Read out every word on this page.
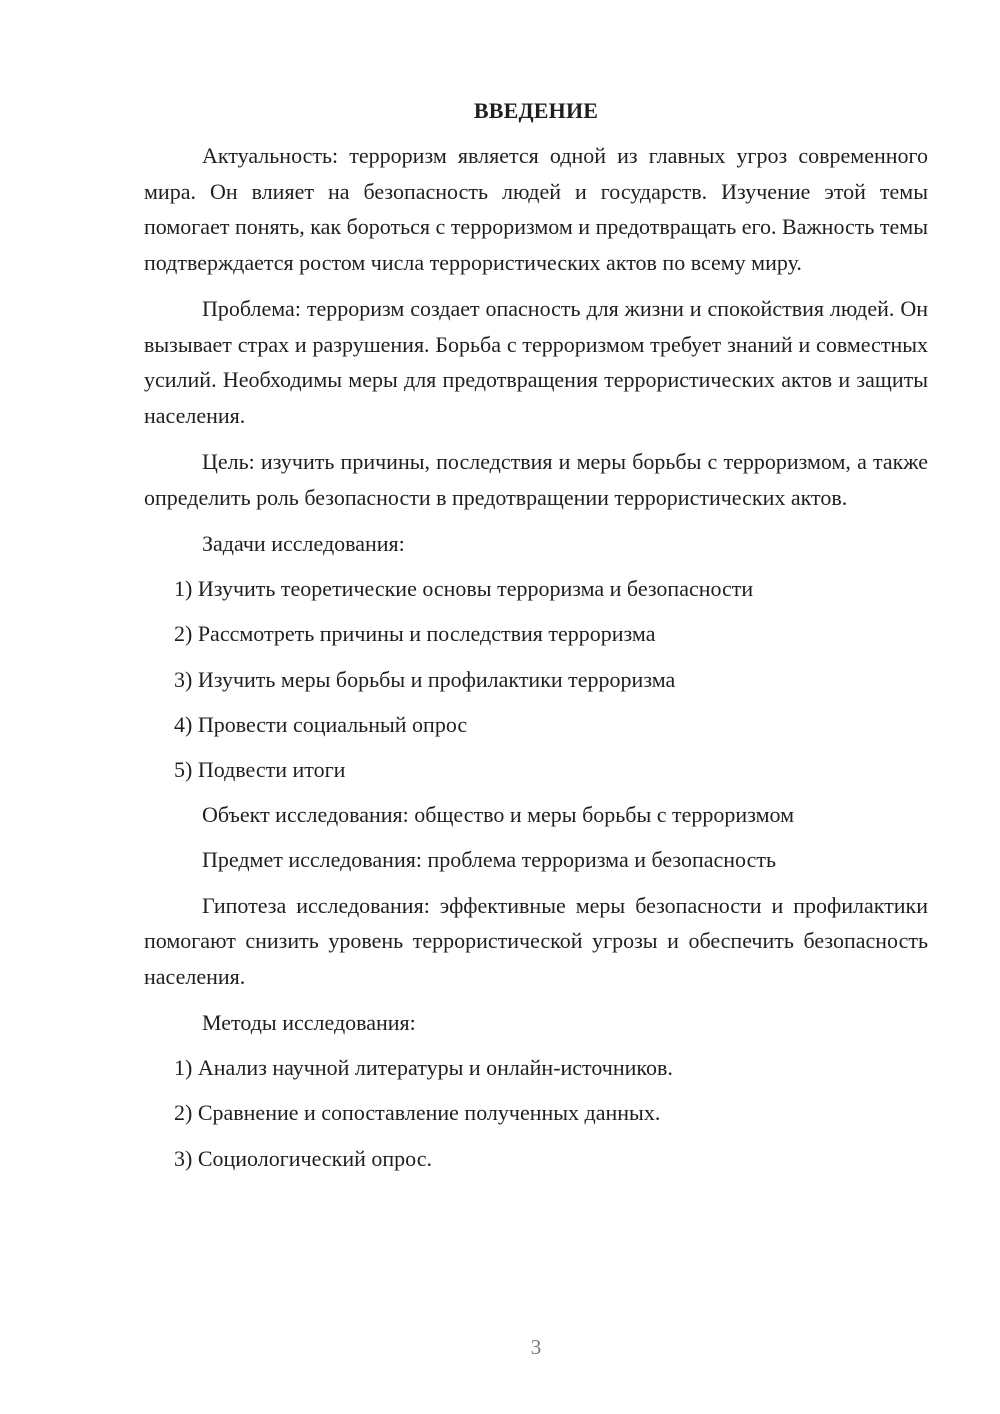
ВВЕДЕНИЕ

Актуальность: терроризм является одной из главных угроз современного мира. Он влияет на безопасность людей и государств. Изучение этой темы помогает понять, как бороться с терроризмом и предотвращать его. Важность темы подтверждается ростом числа террористических актов по всему миру.

Проблема: терроризм создает опасность для жизни и спокойствия людей. Он вызывает страх и разрушения. Борьба с терроризмом требует знаний и совместных усилий. Необходимы меры для предотвращения террористических актов и защиты населения.

Цель: изучить причины, последствия и меры борьбы с терроризмом, а также определить роль безопасности в предотвращении террористических актов.

Задачи исследования:
1) Изучить теоретические основы терроризма и безопасности
2) Рассмотреть причины и последствия терроризма
3) Изучить меры борьбы и профилактики терроризма
4) Провести социальный опрос
5) Подвести итоги
Объект исследования: общество и меры борьбы с терроризмом
Предмет исследования: проблема терроризма и безопасность

Гипотеза исследования: эффективные меры безопасности и профилактики помогают снизить уровень террористической угрозы и обеспечить безопасность населения.

Методы исследования:
1) Анализ научной литературы и онлайн-источников.
2) Сравнение и сопоставление полученных данных.
3) Социологический опрос.
3
